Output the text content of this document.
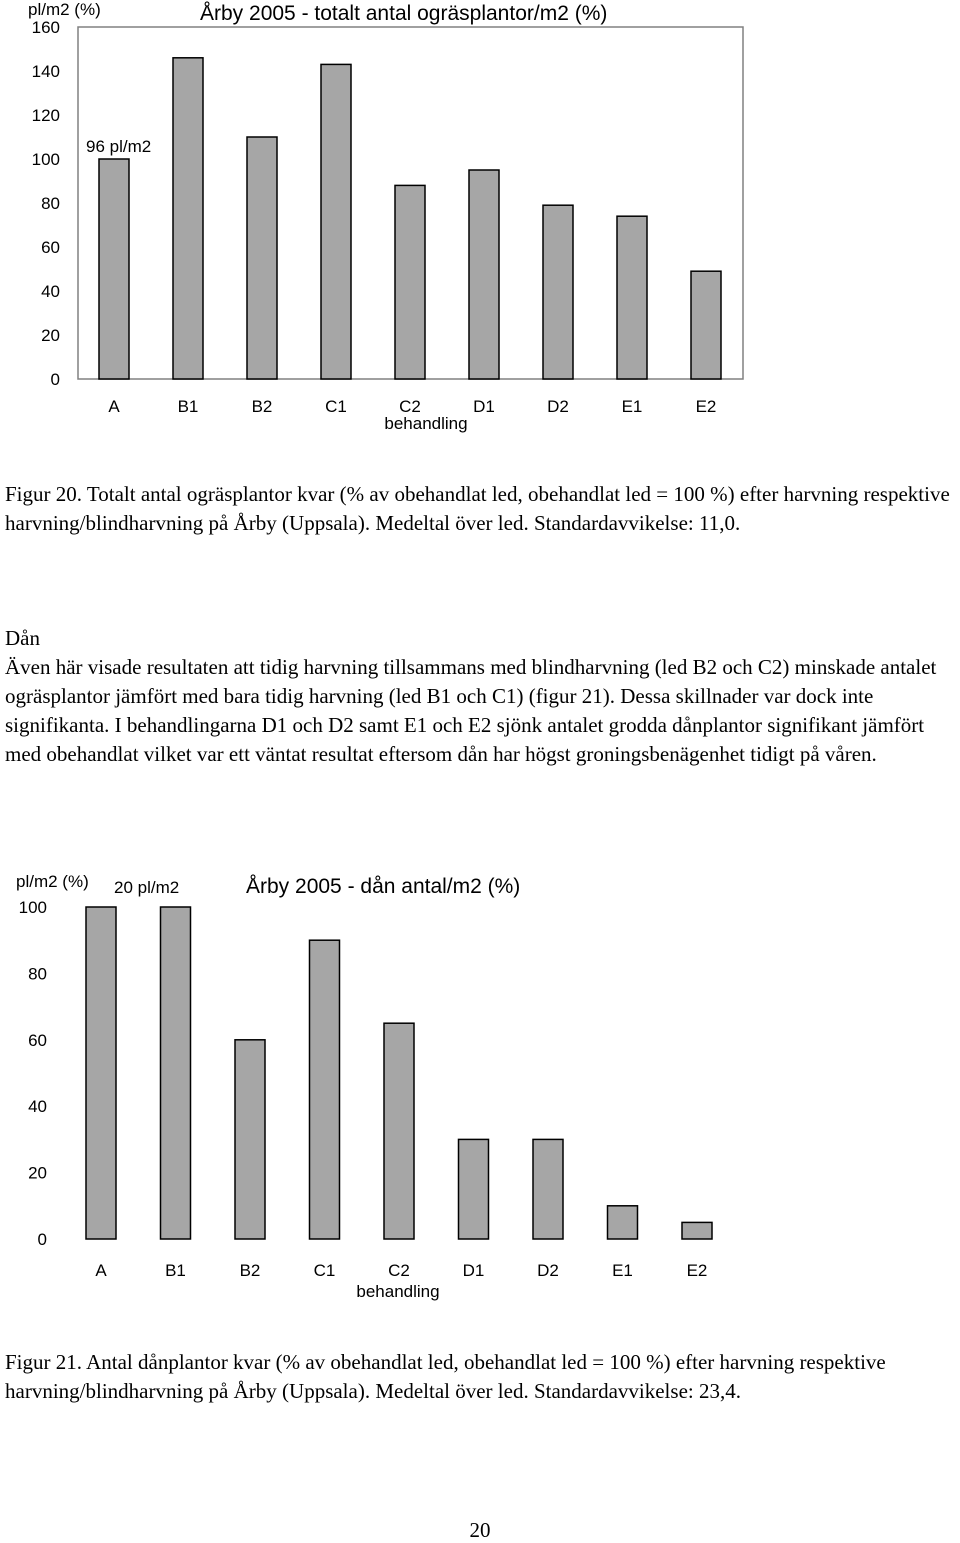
pl/m2 (%)	Årby 2005 - totalt antal ogräsplantor/m2 (%)
96 pl/m2
0
20
40
60
80
100
120
140
160
A	B1	B2	C1	C2	D1	D2	E1	E2
behandling

Figur 20. Totalt antal ogräsplantor kvar (% av obehandlat led, obehandlat led = 100 %) efter harvning respektive harvning/blindharvning på Årby (Uppsala). Medeltal över led. Standardavvikelse: 11,0.

Dån

Även här visade resultaten att tidig harvning tillsammans med blindharvning (led B2 och C2) minskade antalet ogräsplantor jämfört med bara tidig harvning (led B1 och C1) (figur 21). Dessa skillnader var dock inte signifikanta. I behandlingarna D1 och D2 samt E1 och E2 sjönk antalet grodda dånplantor signifikant jämfört med obehandlat vilket var ett väntat resultat eftersom dån har högst groningsbenägenhet tidigt på våren.

pl/m2 (%) 20 pl/m2	Årby 2005 - dån antal/m2 (%)
0
20
40
60
80
100
A	B1	B2	C1	C2	D1	D2	E1	E2
behandling

Figur 21. Antal dånplantor kvar (% av obehandlat led, obehandlat led = 100 %) efter harvning respektive harvning/blindharvning på Årby (Uppsala). Medeltal över led. Standardavvikelse: 23,4.

20
